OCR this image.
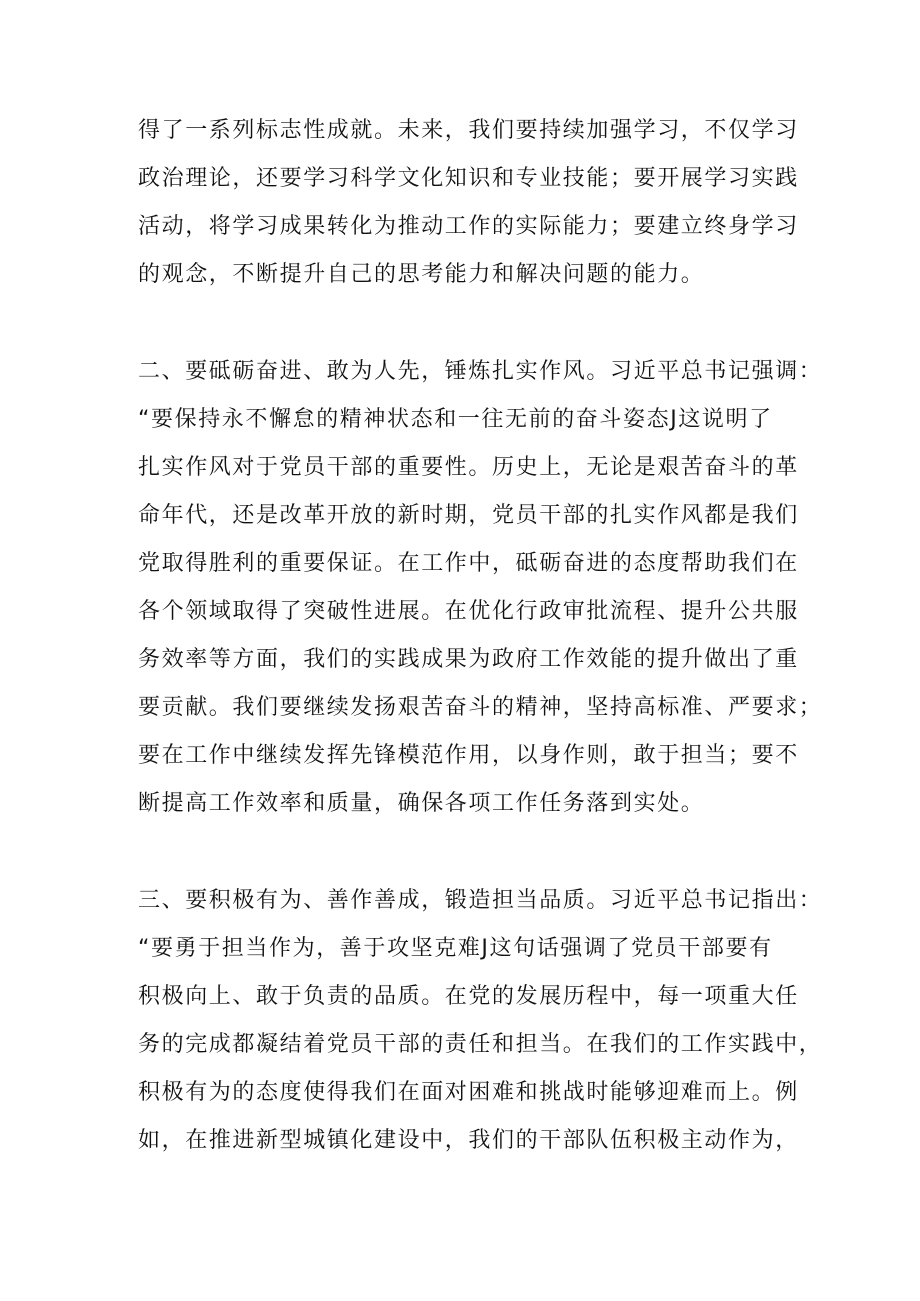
得了一系列标志性成就。未来，我们要持续加强学习，不仅学习
政治理论，还要学习科学文化知识和专业技能；要开展学习实践
活动，将学习成果转化为推动工作的实际能力；要建立终身学习
的观念，不断提升自己的思考能力和解决问题的能力。
二、要砥砺奋进、敢为人先，锤炼扎实作风。习近平总书记强调：
“要保持永不懈怠的精神状态和一往无前的奋斗姿态J这说明了
扎实作风对于党员干部的重要性。历史上，无论是艰苦奋斗的革
命年代，还是改革开放的新时期，党员干部的扎实作风都是我们
党取得胜利的重要保证。在工作中，砥砺奋进的态度帮助我们在
各个领域取得了突破性进展。在优化行政审批流程、提升公共服
务效率等方面，我们的实践成果为政府工作效能的提升做出了重
要贡献。我们要继续发扬艰苦奋斗的精神，坚持高标准、严要求；
要在工作中继续发挥先锋模范作用，以身作则，敢于担当；要不
断提高工作效率和质量，确保各项工作任务落到实处。
三、要积极有为、善作善成，锻造担当品质。习近平总书记指出：
“要勇于担当作为，善于攻坚克难J这句话强调了党员干部要有
积极向上、敢于负责的品质。在党的发展历程中，每一项重大任
务的完成都凝结着党员干部的责任和担当。在我们的工作实践中，
积极有为的态度使得我们在面对困难和挑战时能够迎难而上。例
如，在推进新型城镇化建设中，我们的干部队伍积极主动作为，
